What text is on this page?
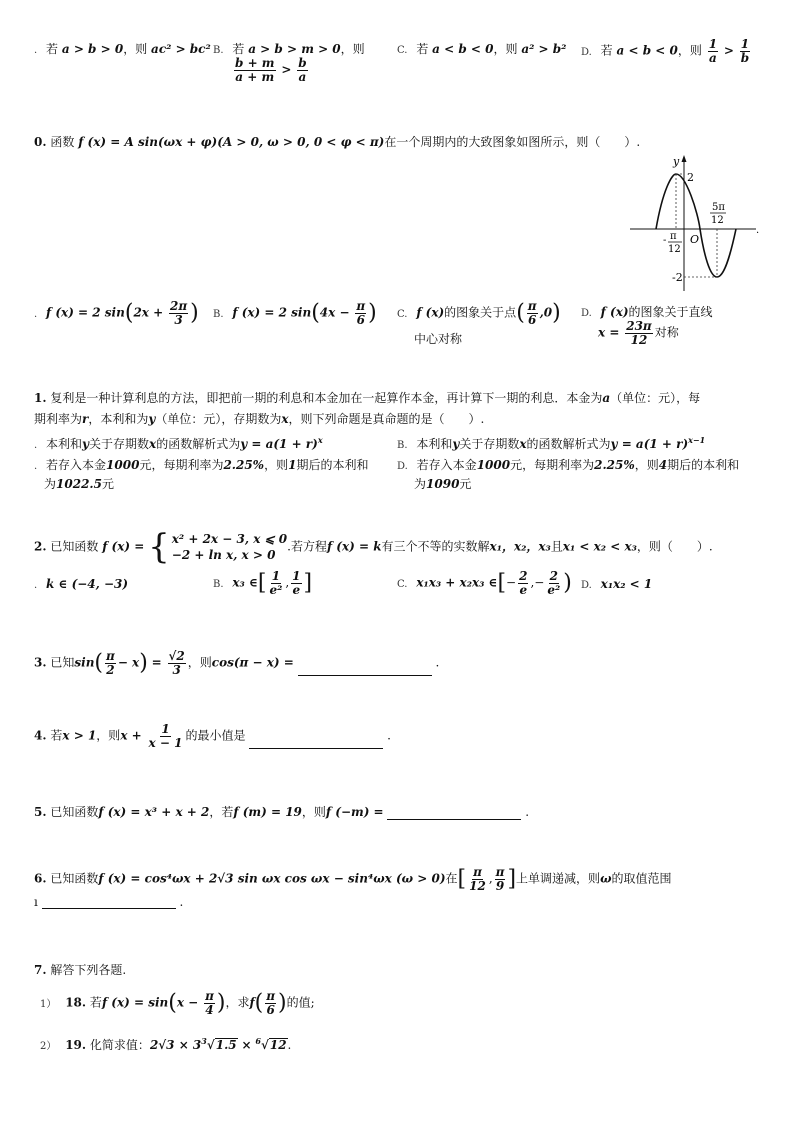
. 若 a > b > 0，则 ac² > bc² B. 若 a > b > m > 0，则
$\frac{b + m}{a + m} > \frac{b}{a}$
C. 若 a < b < 0，则 a² > b² D. 若 a < b < 0，则 $\frac{1}{a} > \frac{1}{b}$
0. 函数 f (x) = A sin(ωx + φ)(A > 0, ω > 0, 0 < φ < π)在一个周期内的大致图象如图所示，则（　　）.
y
2
O
-2
- π
12
5π
12
.
. f (x) = 2 $\sin(2x + \frac{2\pi}{3}$ ) B. f (x) = 2 $\sin(4x - \frac{\pi}{6}$ ) C. f (x)的图象关于点( $\frac{\pi}{6} ,0$)
中心对称
D. f (x)的图象关于直线
$x = \frac{23\pi}{12}$ 对称
1. 复利是一种计算利息的方法，即把前一期的利息和本金加在一起算作本金，再计算下一期的利息．本金为a（单位：元），每
期利率为r，本利和为y（单位：元），存期数为x，则下列命题是真命题的是（　　）.
. 本利和y关于存期数x的函数解析式为$y = a(1 + r)^x$	B. 本利和y关于存期数x的函数解析式为$y = a(1 + r)^{x-1}$
. 若存入本金1000元，每期利率为2.25%，则1期后的本利和
为1022.5元
D. 若存入本金1000元，每期利率为2.25%，则4期后的本利和
为1090元
2. 已知函数 f (x) = { x² + 2x − 3, x ⩽ 0
−2 + ln x, x > 0
.若方程f (x) = k有三个不等的实数解x₁，x₂，x₃且x₁ < x₂ < x₃，则（　　）.
. k ∈ (−4, −3)	B. x₃ ∈[ $\frac{1}{\text{e²}}$ , $\frac{1}{e}$ ]	C. x₁x₃ + x₂x₃ ∈[− $\frac{2}{e}$ ,− $\frac{2}{\text{e²}}$ ) D. x₁x₂ < 1
3. 已知$\sin( \frac{\pi}{2} - x) = \frac{√2}{3}$ ，则cos(π − x) =	.
4. 若x > 1，则$x + \frac{1}{x - 1}$ 的最小值是	.
5. 已知函数f (x) = x³ + x + 2，若f (m) = 19，则f (−m) =	.
6. 已知函数f (x) = cos⁴ωx + 2√3 sin ωx cos ωx − sin⁴ωx (ω > 0)在[ $\frac{\pi}{12}$ , $\frac{\pi}{9}$ ]上单调递减，则ω的取值范围
ı	.
7. 解答下列各题.
1） 18. 若f $(x) = \sin(x - \frac{\pi}{4}$ )，求$f( \frac{\pi}{6}$ )的值;
2） 19. 化简求值：$2√3 \times 3^3√1.5 \times ^6√12$.
